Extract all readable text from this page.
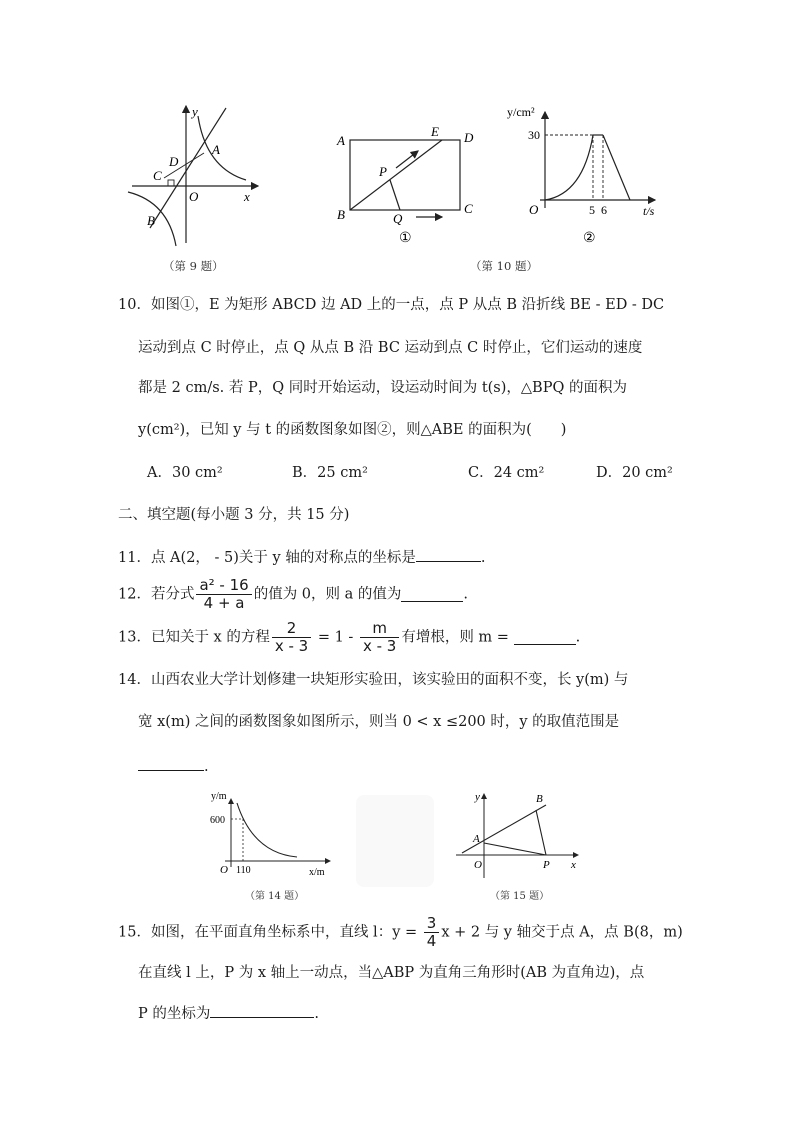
y
x
O
A
B
C
D
（第 9 题）
A
B	C
D
E
P
Q
①
y/cm²
t/s
30
5 6
O
②
（第 10 题）
10．如图①，E 为矩形 ABCD 边 AD 上的一点，点 P 从点 B 沿折线 BE - ED - DC
运动到点 C 时停止，点 Q 从点 B 沿 BC 运动到点 C 时停止，它们运动的速度
都是 2 cm/s. 若 P，Q 同时开始运动，设运动时间为 t(s)，△BPQ 的面积为
y(cm²)，已知 y 与 t 的函数图象如图②，则△ABE 的面积为(　　)
A．30 cm²	B．25 cm²	C．24 cm²	D．20 cm²
二、填空题(每小题 3 分，共 15 分)
11．点 A(2， - 5)关于 y 轴的对称点的坐标是	.
12．若分式 $\frac{\text{a² - 16}}{4 + a}$ 的值为 0，则 a 的值为	.
13．已知关于 x 的方程 $\frac{2}{x - 3} = 1 - \frac{m}{x - 3}$ 有增根，则 m =	.
14．山西农业大学计划修建一块矩形实验田，该实验田的面积不变，长 y(m) 与
宽 x(m) 之间的函数图象如图所示，则当 0 < x ≤200 时，y 的取值范围是
.
y/m
600
110
O	x/m
（第 14 题）
y
x
O
A
B
P
（第 15 题）
15．如图，在平面直角坐标系中，直线 l：$y = \frac{3}{4}$ x + 2 与 y 轴交于点 A，点 B(8，m)
在直线 l 上，P 为 x 轴上一动点，当△ABP 为直角三角形时(AB 为直角边)，点
P 的坐标为	.
